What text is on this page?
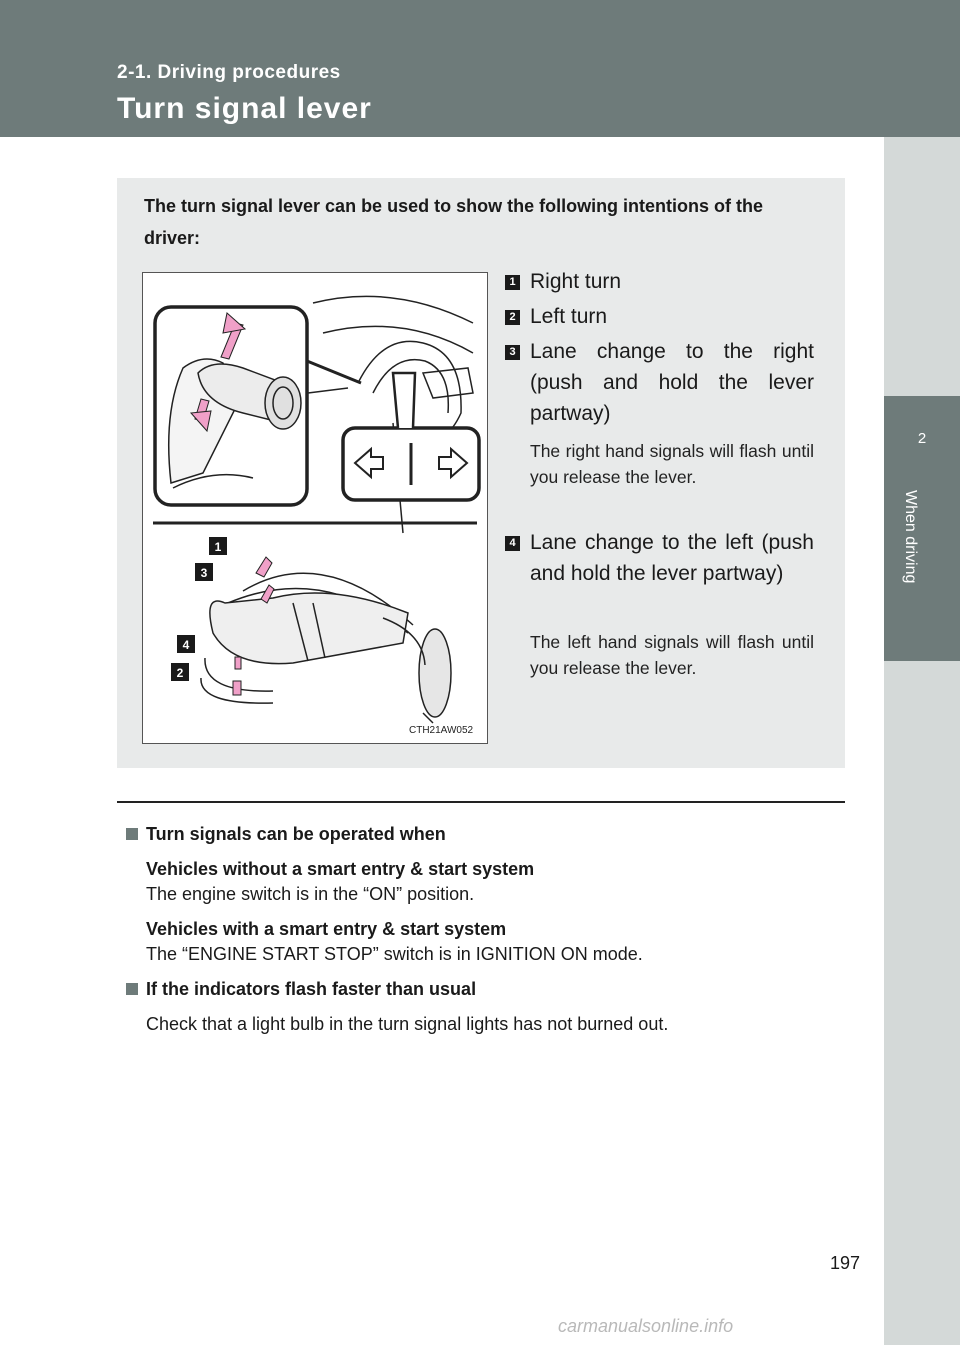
2-1. Driving procedures
Turn signal lever
2
When driving
The turn signal lever can be used to show the following intentions of the driver:
1
3
4
2
CTH21AW052
1 Right turn
2 Left turn
3 Lane change to the right (push and hold the lever partway)
The right hand signals will flash until you release the lever.
4 Lane change to the left (push and hold the lever partway)
The left hand signals will flash until you release the lever.
Turn signals can be operated when
Vehicles without a smart entry & start system
The engine switch is in the “ON” position.
Vehicles with a smart entry & start system
The “ENGINE START STOP” switch is in IGNITION ON mode.
If the indicators flash faster than usual
Check that a light bulb in the turn signal lights has not burned out.
197
carmanualsonline.info
